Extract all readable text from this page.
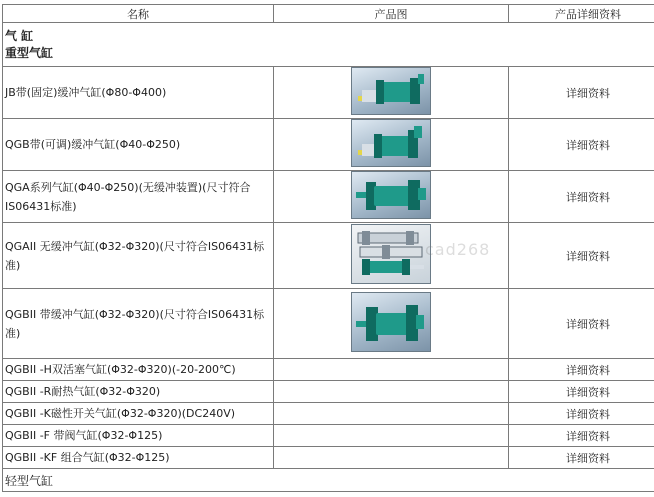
名称	产品图	产品详细资料

气 缸
重型气缸		

JB带(固定)缓冲气缸(Φ80-Φ400)		详细资料
QGB带(可调)缓冲气缸(Φ40-Φ250)		详细资料
QGA系列气缸(Φ40-Φ250)(无缓冲装置)(尺寸符合IS06431标准)		详细资料
QGAII 无缓冲气缸(Φ32-Φ320)(尺寸符合IS06431标准)		详细资料
QGBII 带缓冲气缸(Φ32-Φ320)(尺寸符合IS06431标准)		详细资料
QGBII -H双活塞气缸(Φ32-Φ320)(-20-200℃)		详细资料
QGBII -R耐热气缸(Φ32-Φ320)		详细资料
QGBII -K磁性开关气缸(Φ32-Φ320)(DC240V)		详细资料
QGBII -F 带阀气缸(Φ32-Φ125)		详细资料
QGBII -KF 组合气缸(Φ32-Φ125)		详细资料
轻型气缸		
cad268
